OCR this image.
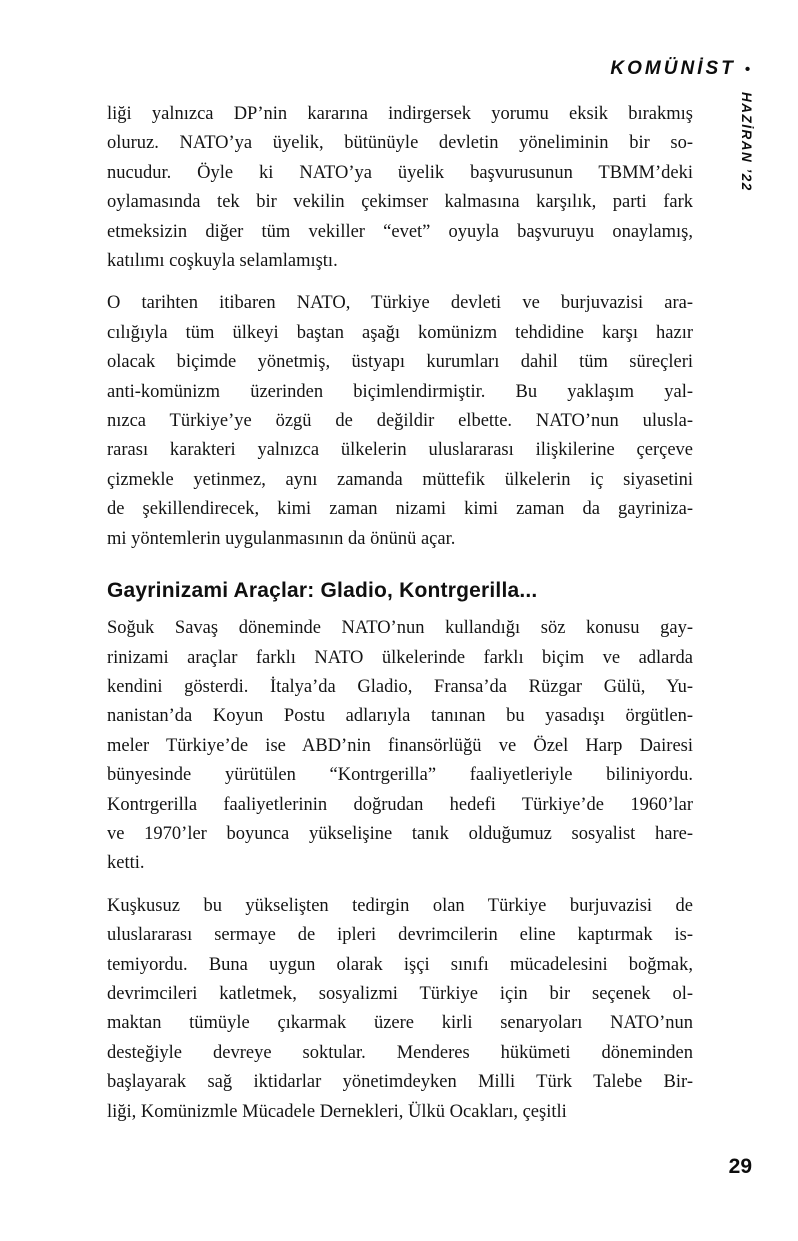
KOMÜNİST •
HAZİRAN ’22
liği yalnızca DP’nin kararına indirgersek yorumu eksik bırakmış
oluruz. NATO’ya üyelik, bütünüyle devletin yöneliminin bir so-
nucudur. Öyle ki NATO’ya üyelik başvurusunun TBMM’deki
oylamasında tek bir vekilin çekimser kalmasına karşılık, parti fark
etmeksizin diğer tüm vekiller “evet” oyuyla başvuruyu onaylamış,
katılımı coşkuyla selamlamıştı.
O tarihten itibaren NATO, Türkiye devleti ve burjuvazisi ara-
cılığıyla tüm ülkeyi baştan aşağı komünizm tehdidine karşı hazır
olacak biçimde yönetmiş, üstyapı kurumları dahil tüm süreçleri
anti-komünizm üzerinden biçimlendirmiştir. Bu yaklaşım yal-
nızca Türkiye’ye özgü de değildir elbette. NATO’nun ulusla-
rarası karakteri yalnızca ülkelerin uluslararası ilişkilerine çerçeve
çizmekle yetinmez, aynı zamanda müttefik ülkelerin iç siyasetini
de şekillendirecek, kimi zaman nizami kimi zaman da gayriniza-
mi yöntemlerin uygulanmasının da önünü açar.
Gayrinizami Araçlar: Gladio, Kontrgerilla...
Soğuk Savaş döneminde NATO’nun kullandığı söz konusu gay-
rinizami araçlar farklı NATO ülkelerinde farklı biçim ve adlarda
kendini gösterdi. İtalya’da Gladio, Fransa’da Rüzgar Gülü, Yu-
nanistan’da Koyun Postu adlarıyla tanınan bu yasadışı örgütlen-
meler Türkiye’de ise ABD’nin finansörlüğü ve Özel Harp Dairesi
bünyesinde yürütülen “Kontrgerilla” faaliyetleriyle biliniyordu.
Kontrgerilla faaliyetlerinin doğrudan hedefi Türkiye’de 1960’lar
ve 1970’ler boyunca yükselişine tanık olduğumuz sosyalist hare-
ketti.
Kuşkusuz bu yükselişten tedirgin olan Türkiye burjuvazisi de
uluslararası sermaye de ipleri devrimcilerin eline kaptırmak is-
temiyordu. Buna uygun olarak işçi sınıfı mücadelesini boğmak,
devrimcileri katletmek, sosyalizmi Türkiye için bir seçenek ol-
maktan tümüyle çıkarmak üzere kirli senaryoları NATO’nun
desteğiyle devreye soktular. Menderes hükümeti döneminden
başlayarak sağ iktidarlar yönetimdeyken Milli Türk Talebe Bir-
liği, Komünizmle Mücadele Dernekleri, Ülkü Ocakları, çeşitli
29
